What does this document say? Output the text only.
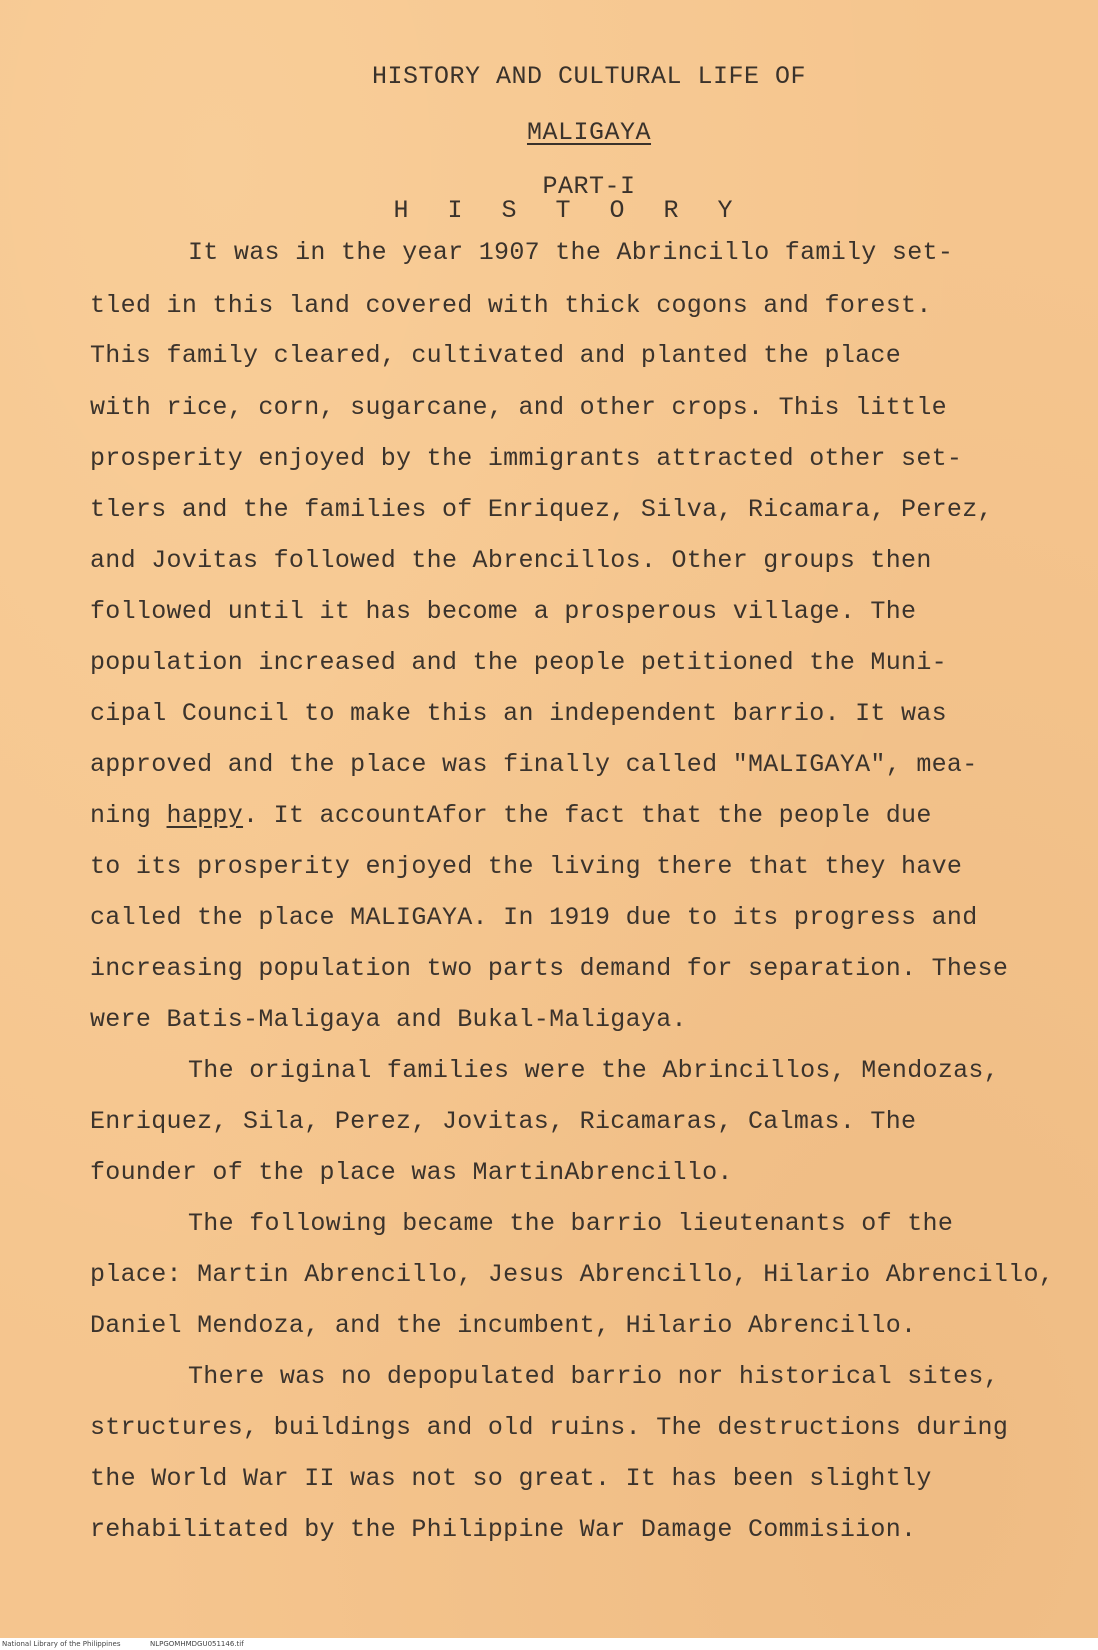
HISTORY AND CULTURAL LIFE OF
MALIGAYA
PART-I
H I S T O R Y
It was in the year 1907 the Abrincillo family set-
tled in this land covered with thick cogons and forest.
This family cleared, cultivated and planted the place
with rice, corn, sugarcane, and other crops. This little
prosperity enjoyed by the immigrants attracted other set-
tlers and the families of Enriquez, Silva, Ricamara, Perez,
and Jovitas followed the Abrencillos. Other groups then
followed until it has become a prosperous village. The
population increased and the people petitioned the Muni-
cipal Council to make this an independent barrio. It was
approved and the place was finally called "MALIGAYA", mea-
ning happy. It accountAfor the fact that the people due
to its prosperity enjoyed the living there that they have
called the place MALIGAYA. In 1919 due to its progress and
increasing population two parts demand for separation. These
were Batis-Maligaya and Bukal-Maligaya.
The original families were the Abrincillos, Mendozas,
Enriquez, Sila, Perez, Jovitas, Ricamaras, Calmas. The
founder of the place was MartinAbrencillo.
The following became the barrio lieutenants of the
place: Martin Abrencillo, Jesus Abrencillo, Hilario Abrencillo,
Daniel Mendoza, and the incumbent, Hilario Abrencillo.
There was no depopulated barrio nor historical sites,
structures, buildings and old ruins. The destructions during
the World War II was not so great. It has been slightly
rehabilitated by the Philippine War Damage Commisiion.
National Library of the Philippines	NLPGOMHMDGU051146.tif
